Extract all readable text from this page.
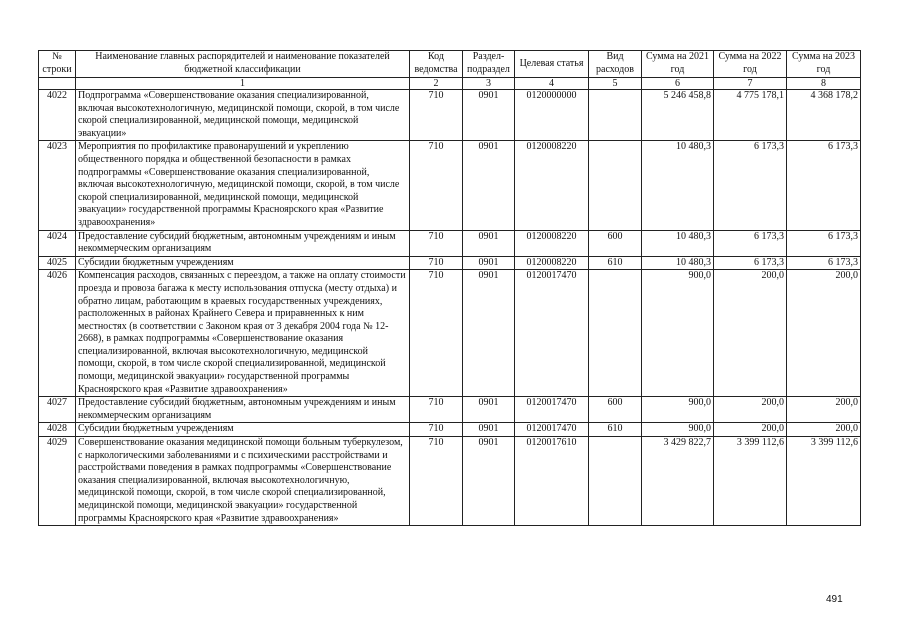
№ строки	Наименование главных распорядителей и наименование показателей бюджетной классификации	Код ведомства	Раздел-подраздел	Целевая статья	Вид расходов	Сумма на 2021 год	Сумма на 2022 год	Сумма на 2023 год
	1	2	3	4	5	6	7	8
4022	Подпрограмма «Совершенствование оказания специализированной, включая высокотехнологичную, медицинской помощи, скорой, в том числе скорой специализированной, медицинской помощи, медицинской эвакуации»	710	0901	0120000000		5 246 458,8	4 775 178,1	4 368 178,2
4023	Мероприятия по профилактике правонарушений и укреплению общественного порядка и общественной безопасности в рамках подпрограммы «Совершенствование оказания специализированной, включая высокотехнологичную, медицинской помощи, скорой, в том числе скорой специализированной, медицинской помощи, медицинской эвакуации» государственной программы Красноярского края «Развитие здравоохранения»	710	0901	0120008220		10 480,3	6 173,3	6 173,3
4024	Предоставление субсидий бюджетным, автономным учреждениям и иным некоммерческим организациям	710	0901	0120008220	600	10 480,3	6 173,3	6 173,3
4025	Субсидии бюджетным учреждениям	710	0901	0120008220	610	10 480,3	6 173,3	6 173,3
4026	Компенсация расходов, связанных с переездом, а также на оплату стоимости проезда и провоза багажа к месту использования отпуска (месту отдыха) и обратно лицам, работающим в краевых государственных учреждениях, расположенных в районах Крайнего Севера и приравненных к ним местностях (в соответствии с Законом края от 3 декабря 2004 года № 12-2668), в рамках подпрограммы «Совершенствование оказания специализированной, включая высокотехнологичную, медицинской помощи, скорой, в том числе скорой специализированной, медицинской помощи, медицинской эвакуации» государственной программы Красноярского края «Развитие здравоохранения»	710	0901	0120017470		900,0	200,0	200,0
4027	Предоставление субсидий бюджетным, автономным учреждениям и иным некоммерческим организациям	710	0901	0120017470	600	900,0	200,0	200,0
4028	Субсидии бюджетным учреждениям	710	0901	0120017470	610	900,0	200,0	200,0
4029	Совершенствование оказания медицинской помощи больным туберкулезом, с наркологическими заболеваниями и с психическими расстройствами и расстройствами поведения в рамках подпрограммы «Совершенствование оказания специализированной, включая высокотехнологичную, медицинской помощи, скорой, в том числе скорой специализированной, медицинской помощи, медицинской эвакуации» государственной программы Красноярского края «Развитие здравоохранения»	710	0901	0120017610		3 429 822,7	3 399 112,6	3 399 112,6
491
